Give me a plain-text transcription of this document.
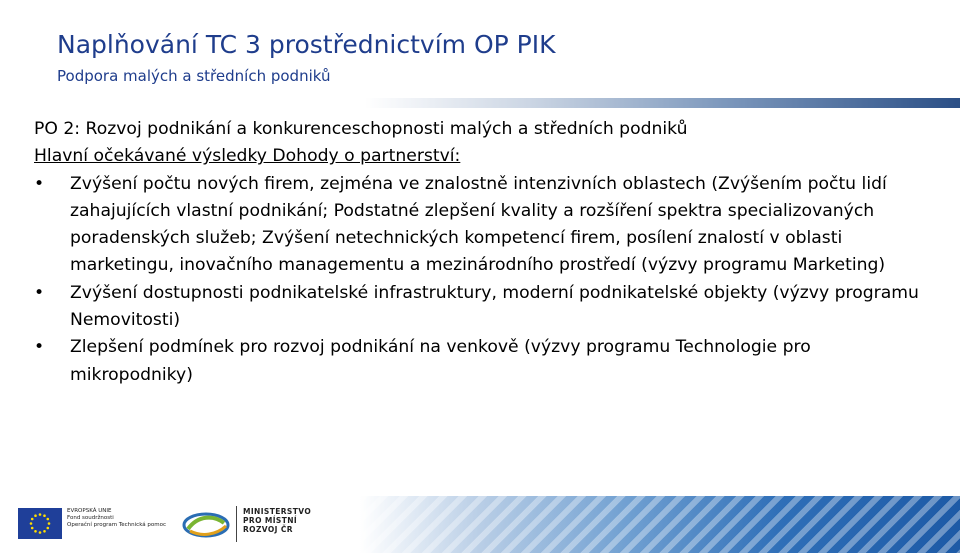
Naplňování TC 3 prostřednictvím OP PIK
Podpora malých a středních podniků
PO 2: Rozvoj podnikání a konkurenceschopnosti malých a středních podniků
Hlavní očekávané výsledky Dohody o partnerství:
• Zvýšení počtu nových firem, zejména ve znalostně intenzivních oblastech (Zvýšením počtu lidí zahajujících vlastní podnikání; Podstatné zlepšení kvality a rozšíření spektra specializovaných poradenských služeb; Zvýšení netechnických kompetencí firem, posílení znalostí v oblasti marketingu, inovačního managementu a mezinárodního prostředí (výzvy programu Marketing)
• Zvýšení dostupnosti podnikatelské infrastruktury, moderní podnikatelské objekty (výzvy programu Nemovitosti)
• Zlepšení podmínek pro rozvoj podnikání na venkově (výzvy programu Technologie pro mikropodniky)
EVROPSKÁ UNIE
Fond soudržnosti
Operační program Technická pomoc
MINISTERSTVO
PRO MÍSTNÍ
ROZVOJ ČR
